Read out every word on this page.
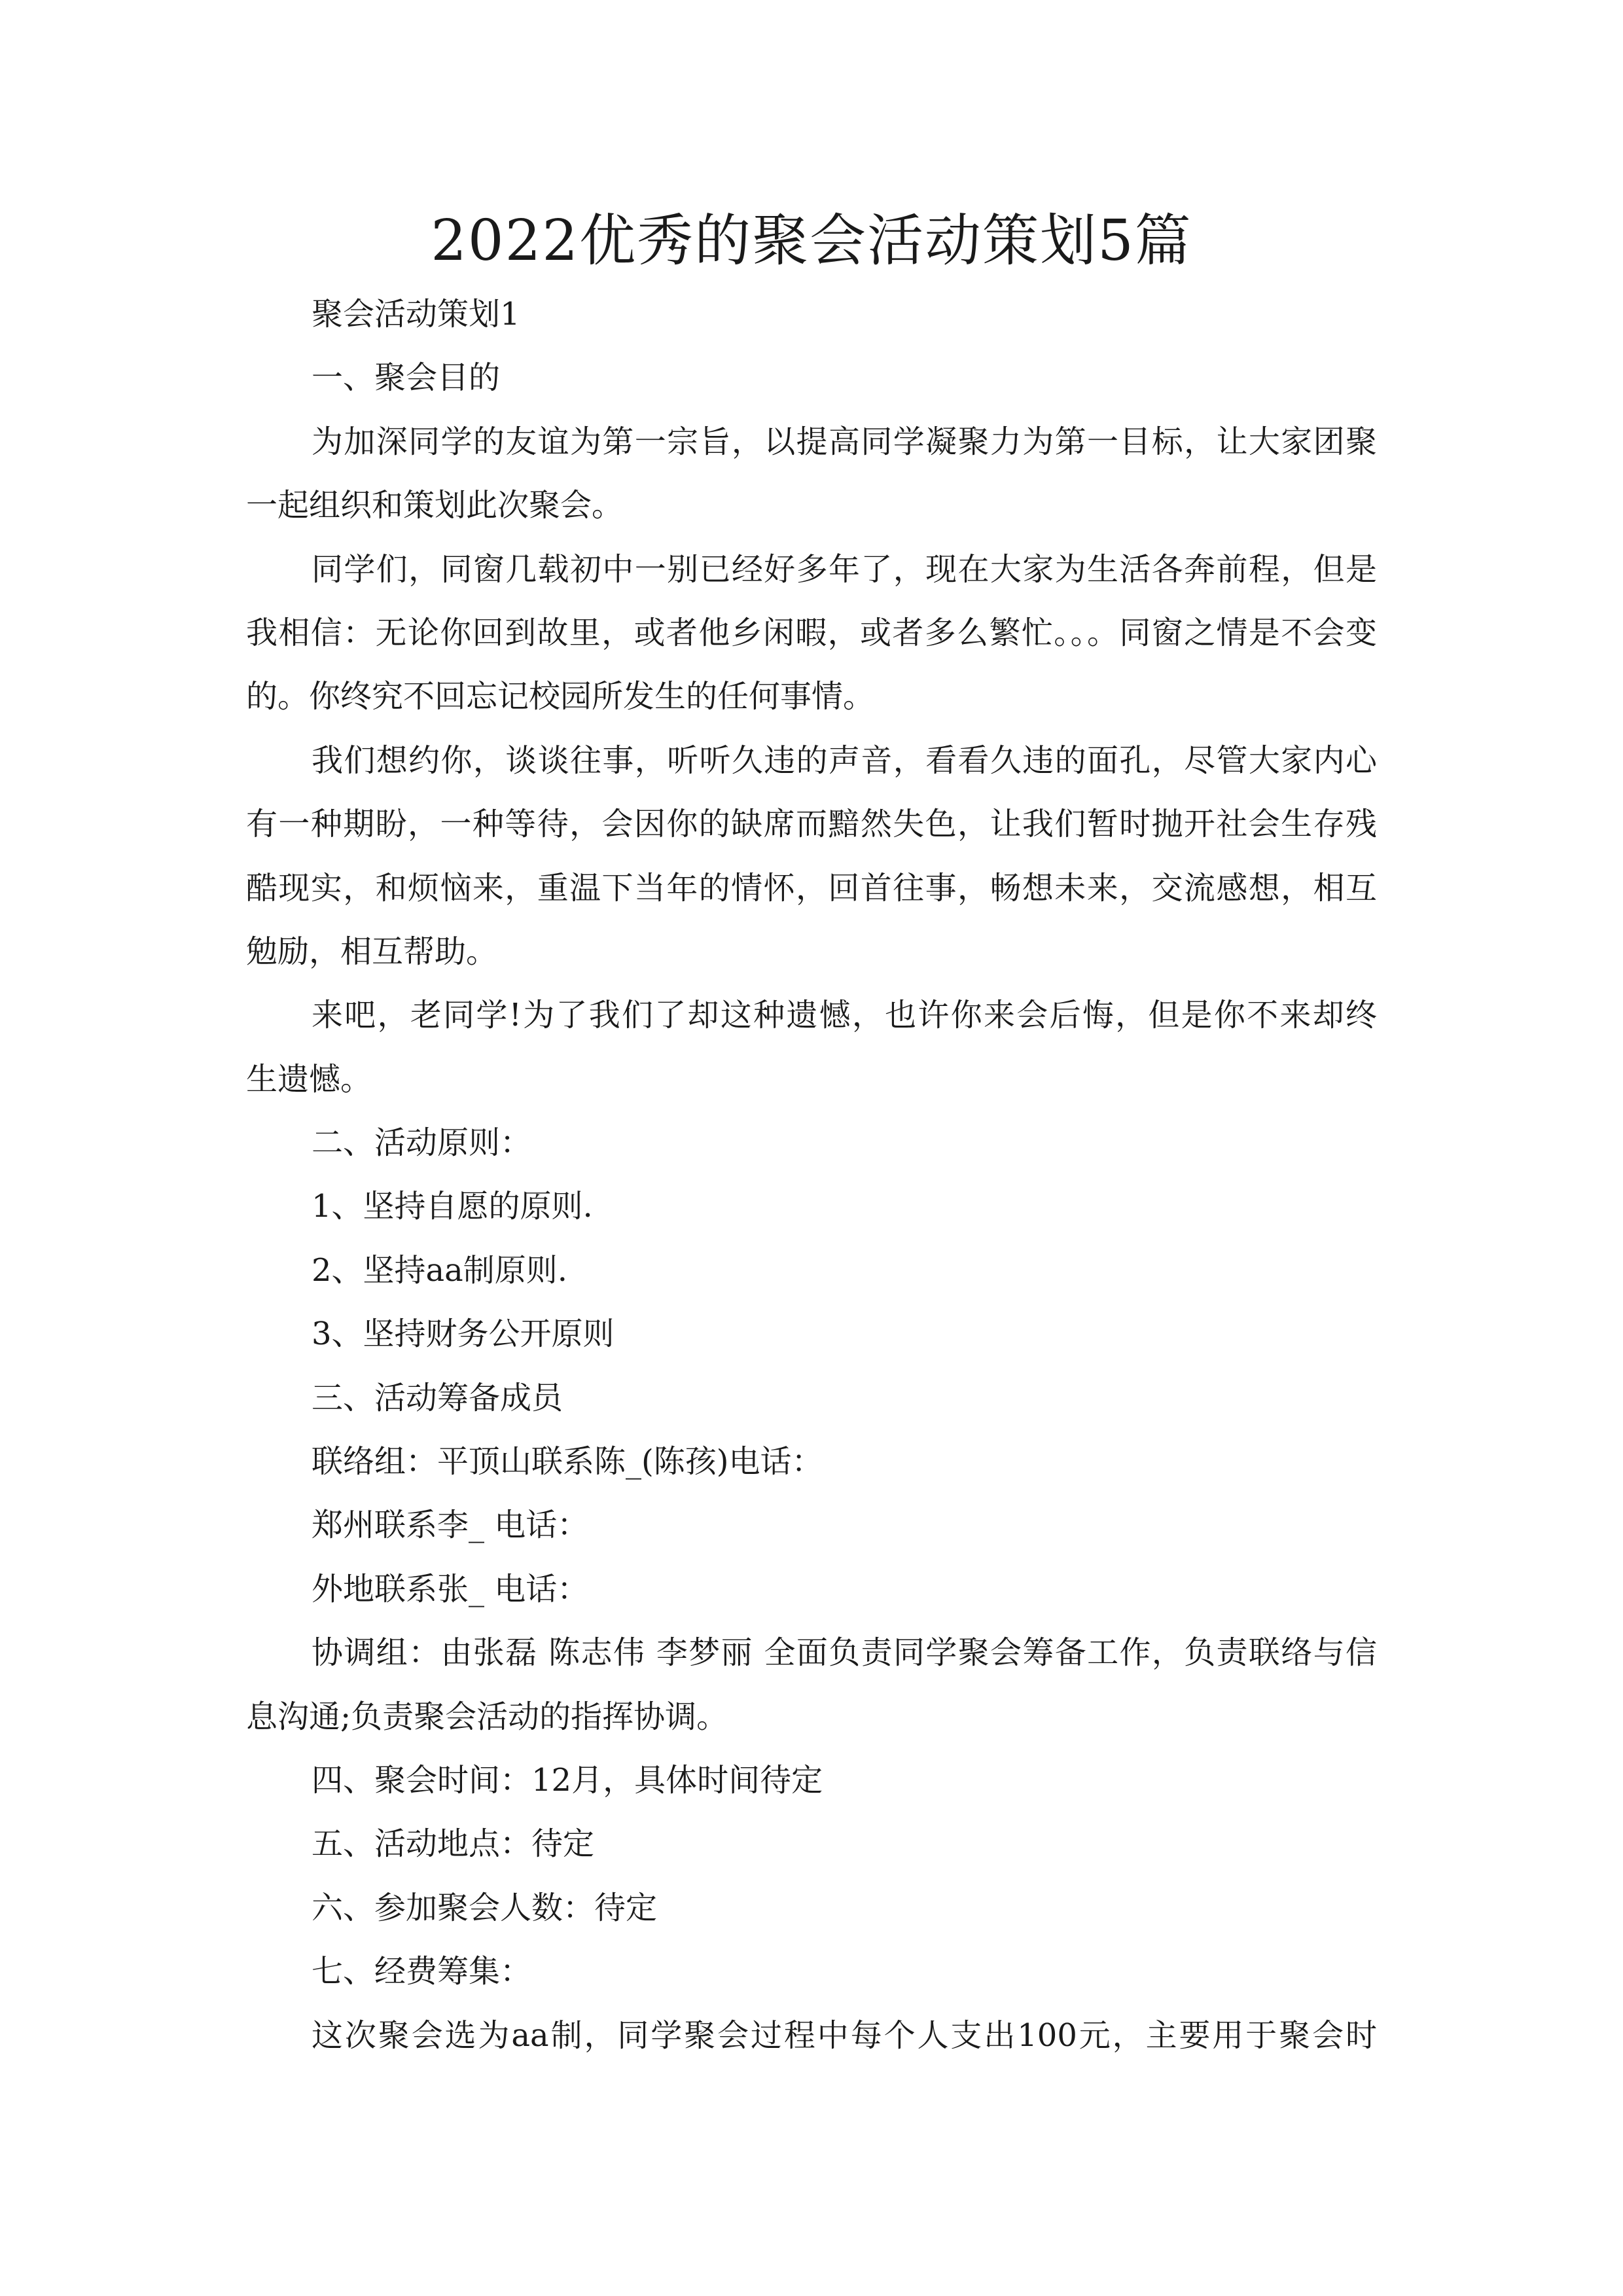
2022优秀的聚会活动策划5篇
聚会活动策划1
一、聚会目的
为加深同学的友谊为第一宗旨，以提高同学凝聚力为第一目标，让大家团聚
一起组织和策划此次聚会。
同学们，同窗几载初中一别已经好多年了，现在大家为生活各奔前程，但是
我相信：无论你回到故里，或者他乡闲暇，或者多么繁忙。。。同窗之情是不会变
的。你终究不回忘记校园所发生的任何事情。
我们想约你，谈谈往事，听听久违的声音，看看久违的面孔，尽管大家内心
有一种期盼，一种等待，会因你的缺席而黯然失色，让我们暂时抛开社会生存残
酷现实，和烦恼来，重温下当年的情怀，回首往事，畅想未来，交流感想，相互
勉励，相互帮助。
来吧，老同学!为了我们了却这种遗憾，也许你来会后悔，但是你不来却终
生遗憾。
二、活动原则：
1、坚持自愿的原则.
2、坚持aa制原则.
3、坚持财务公开原则
三、活动筹备成员
联络组：平顶山联系陈_(陈孩)电话：
郑州联系李_ 电话：
外地联系张_ 电话：
协调组：由张磊 陈志伟 李梦丽 全面负责同学聚会筹备工作，负责联络与信
息沟通;负责聚会活动的指挥协调。
四、聚会时间：12月，具体时间待定
五、活动地点：待定
六、参加聚会人数：待定
七、经费筹集：
这次聚会选为aa制，同学聚会过程中每个人支出100元，主要用于聚会时
